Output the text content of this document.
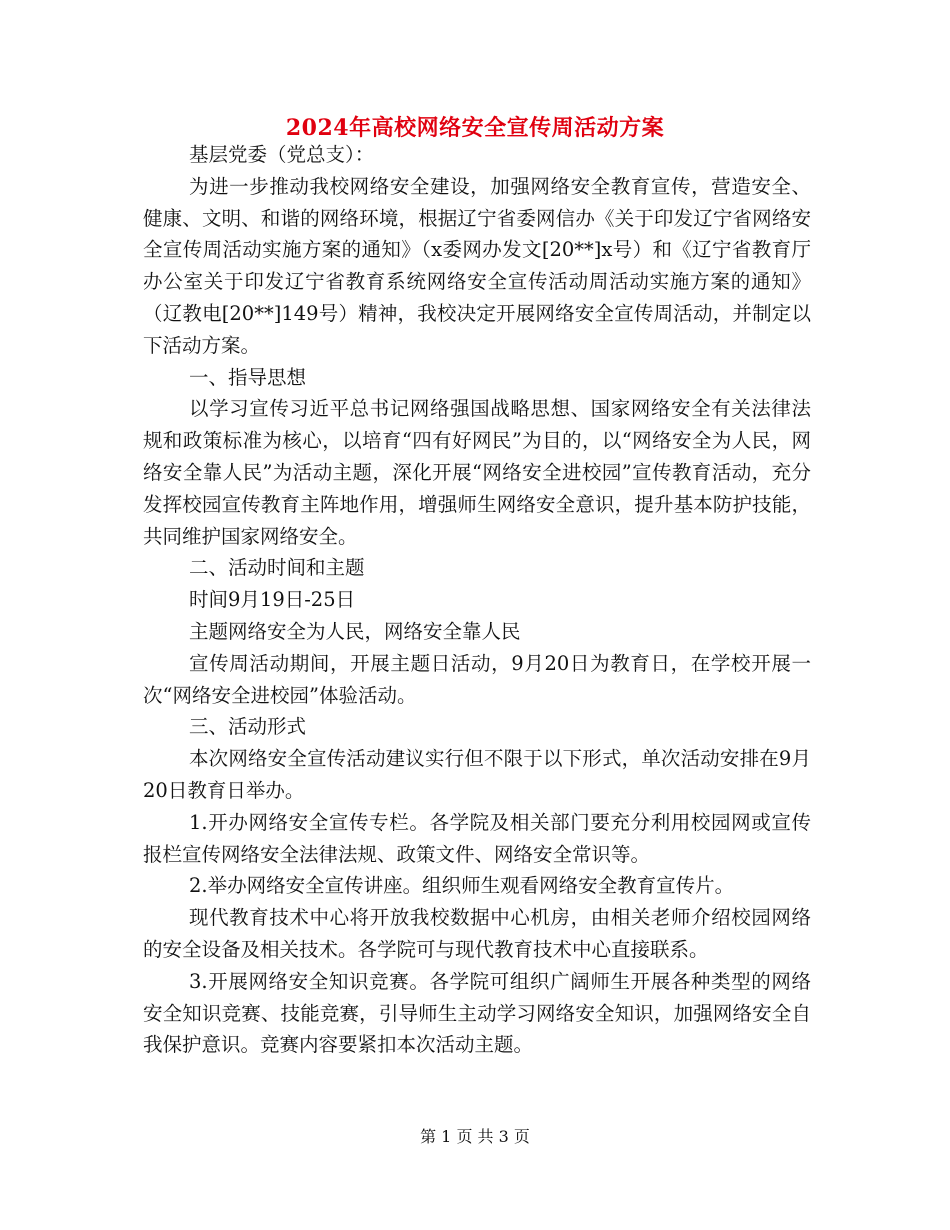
2024年高校网络安全宣传周活动方案

基层党委（党总支）：

为进一步推动我校网络安全建设，加强网络安全教育宣传，营造安全、健康、文明、和谐的网络环境，根据辽宁省委网信办《关于印发辽宁省网络安全宣传周活动实施方案的通知》（x委网办发文[20**]x号）和《辽宁省教育厅办公室关于印发辽宁省教育系统网络安全宣传活动周活动实施方案的通知》（辽教电[20**]149号）精神，我校决定开展网络安全宣传周活动，并制定以下活动方案。

一、指导思想

以学习宣传习近平总书记网络强国战略思想、国家网络安全有关法律法规和政策标准为核心，以培育“四有好网民”为目的，以“网络安全为人民，网络安全靠人民”为活动主题，深化开展“网络安全进校园”宣传教育活动，充分发挥校园宣传教育主阵地作用，增强师生网络安全意识，提升基本防护技能，共同维护国家网络安全。

二、活动时间和主题

时间9月19日-25日

主题网络安全为人民，网络安全靠人民

宣传周活动期间，开展主题日活动，9月20日为教育日，在学校开展一次“网络安全进校园”体验活动。

三、活动形式

本次网络安全宣传活动建议实行但不限于以下形式，单次活动安排在9月20日教育日举办。

1.开办网络安全宣传专栏。各学院及相关部门要充分利用校园网或宣传报栏宣传网络安全法律法规、政策文件、网络安全常识等。

2.举办网络安全宣传讲座。组织师生观看网络安全教育宣传片。

现代教育技术中心将开放我校数据中心机房，由相关老师介绍校园网络的安全设备及相关技术。各学院可与现代教育技术中心直接联系。

3.开展网络安全知识竞赛。各学院可组织广阔师生开展各种类型的网络安全知识竞赛、技能竞赛，引导师生主动学习网络安全知识，加强网络安全自我保护意识。竞赛内容要紧扣本次活动主题。

第 1 页 共 3 页
